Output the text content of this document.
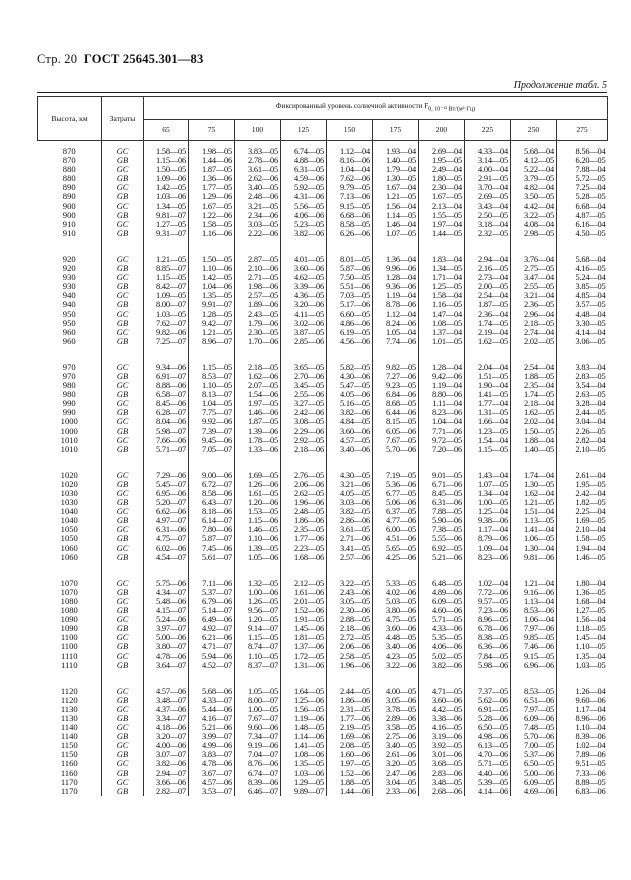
Стр. 20 ГОСТ 25645.301—83
Продолжение табл. 5
Высота, км	Затраты	Фиксированный уровень солнечной активности $F_{0, 10^{-22} Вт/(м^2\cdot Гц)}$
		65	75	100	125	150	175	200	225	250	275
870	GC	1.58—05	1.98—05	3.83—05	6.74—05	1.12—04	1.93—04	2.69—04	4.33—04	5.68—04	8.56—04
870	GB	1.15—06	1.44—06	2.78—06	4.88—06	8.16—06	1.40—05	1.95—05	3.14—05	4.12—05	6.20—05
880	GC	1.50—05	1.87—05	3.61—05	6.31—05	1.04—04	1.79—04	2.49—04	4.00—04	5.22—04	7.88—04
880	GB	1.09—06	1.36—06	2.62—06	4.59—06	7.62—06	1.30—05	1.80—05	2.91—05	3.79—05	5.72—05
890	GC	1.42—05	1.77—05	3.40—05	5.92—05	9.79—05	1.67—04	2.30—04	3.70—04	4.82—04	7.25—04
890	GB	1.03—06	1.29—06	2.48—06	4.31—06	7.13—06	1.21—05	1.67—05	2.69—05	3.50—05	5.28—05
900	GC	1.34—05	1.67—05	3.21—05	5.56—05	9.15—05	1.56—04	2.13—04	3.43—04	4.42—04	6.68—04
900	GB	9.81—07	1.22—06	2.34—06	4.06—06	6.68—06	1.14—05	1.55—05	2.50—05	3.22—05	4.87—05
910	GC	1.27—05	1.58—05	3.03—05	5.23—05	8.58—05	1.46—04	1.97—04	3.18—04	4.08—04	6.16—04
910	GB	9.31—07	1.16—06	2.22—06	3.82—06	6.26—06	1.07—05	1.44—05	2.32—05	2.98—05	4.50—05

920	GC	1.21—05	1.50—05	2.87—05	4.01—05	8.01—05	1.36—04	1.83—04	2.94—04	3.76—04	5.68—04
920	GB	8.85—07	1.10—06	2.10—06	3.60—06	5.87—06	9.96—06	1.34—05	2.16—05	2.75—05	4.16—05
930	GC	1.15—05	1.42—05	2.71—05	4.62—05	7.50—05	1.28—04	1.71—04	2.73—04	3.47—04	5.24—04
930	GB	8.42—07	1.04—06	1.98—06	3.39—06	5.51—06	9.36—06	1.25—05	2.00—05	2.55—05	3.85—05
940	GC	1.09—05	1.35—05	2.57—05	4.36—05	7.03—05	1.19—04	1.58—04	2.54—04	3.21—04	4.85—04
940	GB	8.00—07	9.91—07	1.89—06	3.20—06	5.17—06	8.78—06	1.16—05	1.87—05	2.36—05	3.57—05
950	GC	1.03—05	1.28—05	2.43—05	4.11—05	6.60—05	1.12—04	1.47—04	2.36—04	2.96—04	4.48—04
950	GB	7.62—07	9.42—07	1.79—06	3.02—06	4.86—06	8.24—06	1.08—05	1.74—05	2.18—05	3.30—05
960	GC	9.82—06	1.21—05	2.30—05	3.87—05	6.19—05	1.05—04	1.37—04	2.19—04	2.74—04	4.14—04
960	GB	7.25—07	8.96—07	1.70—06	2.85—06	4.56—06	7.74—06	1.01—05	1.62—05	2.02—05	3.06—05

970	GC	9.34—06	1.15—05	2.18—05	3.65—05	5.82—05	9.82—05	1.28—04	2.04—04	2.54—04	3.83—04
970	GB	6.91—07	8.53—07	1.62—06	2.70—06	4.30—06	7.27—06	9.42—06	1.51—05	1.88—05	2.83—05
980	GC	8.88—06	1.10—05	2.07—05	3.45—05	5.47—05	9.23—05	1.19—04	1.90—04	2.35—04	3.54—04
980	GB	6.58—07	8.13—07	1.54—06	2.55—06	4.05—06	6.84—06	8.80—06	1.41—05	1.74—05	2.63—05
990	GC	8.45—06	1.04—05	1.97—05	3.27—05	5.16—05	8.68—05	1.11—04	1.77—04	2.18—04	3.28—04
990	GB	6.28—07	7.75—07	1.46—06	2.42—06	3.82—06	6.44—06	8.23—06	1.31—05	1.62—05	2.44—05
1000	GC	8.04—06	9.92—06	1.87—05	3.08—05	4.84—05	8.15—05	1.04—04	1.66—04	2.02—04	3.04—04
1000	GB	5.98—07	7.39—07	1.39—06	2.29—06	3.60—06	6.05—06	7.71—06	1.23—05	1.50—05	2.26—05
1010	GC	7.66—06	9.45—06	1.78—05	2.92—05	4.57—05	7.67—05	9.72—05	1.54—04	1.88—04	2.82—04
1010	GB	5.71—07	7.05—07	1.33—06	2.18—06	3.40—06	5.70—06	7.20—06	1.15—05	1.40—05	2.10—05

1020	GC	7.29—06	9.00—06	1.69—05	2.76—05	4.30—05	7.19—05	9.01—05	1.43—04	1.74—04	2.61—04
1020	GB	5.45—07	6.72—07	1.26—06	2.06—06	3.21—06	5.36—06	6.71—06	1.07—05	1.30—05	1.95—05
1030	GC	6.95—06	8.58—06	1.61—05	2.62—05	4.05—05	6.77—05	8.45—05	1.34—04	1.62—04	2.42—04
1030	GB	5.20—07	6.43—07	1.20—06	1.96—06	3.03—06	5.06—06	6.31—06	1.00—05	1.21—05	1.82—05
1040	GC	6.62—06	8.18—06	1.53—05	2.48—05	3.82—05	6.37—05	7.88—05	1.25—04	1.51—04	2.25—04
1040	GB	4.97—07	6.14—07	1.15—06	1.86—06	2.86—06	4.77—06	5.90—06	9.38—06	1.13—05	1.69—05
1050	GC	6.31—06	7.80—06	1.46—05	2.35—05	3.61—05	6.00—05	7.38—05	1.17—04	1.41—04	2.10—04
1050	GB	4.75—07	5.87—07	1.10—06	1.77—06	2.71—06	4.51—06	5.55—06	8.79—06	1.06—05	1.58—05
1060	GC	6.02—06	7.45—06	1.39—05	2.23—05	3.41—05	5.65—05	6.92—05	1.09—04	1.30—04	1.94—04
1060	GB	4.54—07	5.61—07	1.05—06	1.68—06	2.57—06	4.25—06	5.21—06	8.23—06	9.81—06	1.46—05

1070	GC	5.75—06	7.11—06	1.32—05	2.12—05	3.22—05	5.33—05	6.48—05	1.02—04	1.21—04	1.80—04
1070	GB	4.34—07	5.37—07	1.00—06	1.61—06	2.43—06	4.02—06	4.89—06	7.72—06	9.16—06	1.36—05
1080	GC	5.48—06	6.79—06	1.26—05	2.01—05	3.05—05	5.03—05	6.09—05	9.57—05	1.13—04	1.68—04
1080	GB	4.15—07	5.14—07	9.56—07	1.52—06	2.30—06	3.80—06	4.60—06	7.23—06	8.53—06	1.27—05
1090	GC	5.24—06	6.49—06	1.20—05	1.91—05	2.88—05	4.75—05	5.71—05	8.96—05	1.06—04	1.56—04
1090	GB	3.97—07	4.92—07	9.14—07	1.45—06	2.18—06	3.60—06	4.33—06	6.78—06	7.97—06	1.18—05
1100	GC	5.00—06	6.21—06	1.15—05	1.81—05	2.72—05	4.48—05	5.35—05	8.38—05	9.85—05	1.45—04
1100	GB	3.80—07	4.71—07	8.74—07	1.37—06	2.06—06	3.40—06	4.06—06	6.36—06	7.46—06	1.10—05
1110	GC	4.78—06	5.94—06	1.10—05	1.72—05	2.58—05	4.23—05	5.02—05	7.84—05	9.15—05	1.35—04
1110	GB	3.64—07	4.52—07	8.37—07	1.31—06	1.96—06	3.22—06	3.82—06	5.98—06	6.96—06	1.03—05

1120	GC	4.57—06	5.68—06	1.05—05	1.64—05	2.44—05	4.00—05	4.71—05	7.37—05	8.53—05	1.26—04
1120	GB	3.48—07	4.33—07	8.00—07	1.25—06	1.86—06	3.05—06	3.60—06	5.62—06	6.51—06	9.60—06
1130	GC	4.37—06	5.44—06	1.00—05	1.56—05	2.31—05	3.78—05	4.42—05	6.91—05	7.97—05	1.17—04
1130	GB	3.34—07	4.16—07	7.67—07	1.19—06	1.77—06	2.89—06	3.38—06	5.28—06	6.09—06	8.96—06
1140	GC	4.18—06	5.21—06	9.60—06	1.48—05	2.19—05	3.58—05	4.16—05	6.50—05	7.48—05	1.10—04
1140	GB	3.20—07	3.99—07	7.34—07	1.14—06	1.69—06	2.75—06	3.19—06	4.98—06	5.70—06	8.39—06
1150	GC	4.00—06	4.99—06	9.19—06	1.41—05	2.08—05	3.40—05	3.92—05	6.13—05	7.00—05	1.02—04
1150	GB	3.07—07	3.83—07	7.04—07	1.08—06	1.60—06	2.61—06	3.01—06	4.70—06	5.37—06	7.89—06
1160	GC	3.82—06	4.78—06	8.76—06	1.35—05	1.97—05	3.20—05	3.68—05	5.71—05	6.50—05	9.51—05
1160	GB	2.94—07	3.67—07	6.74—07	1.03—06	1.52—06	2.47—06	2.83—06	4.40—06	5.00—06	7.33—06
1170	GC	3.66—06	4.57—06	8.39—06	1.29—05	1.88—05	3.04—05	3.48—05	5.39—05	6.09—05	8.89—05
1170	GB	2.82—07	3.53—07	6.46—07	9.89—07	1.44—06	2.33—06	2.68—06	4.14—06	4.69—06	6.83—06
